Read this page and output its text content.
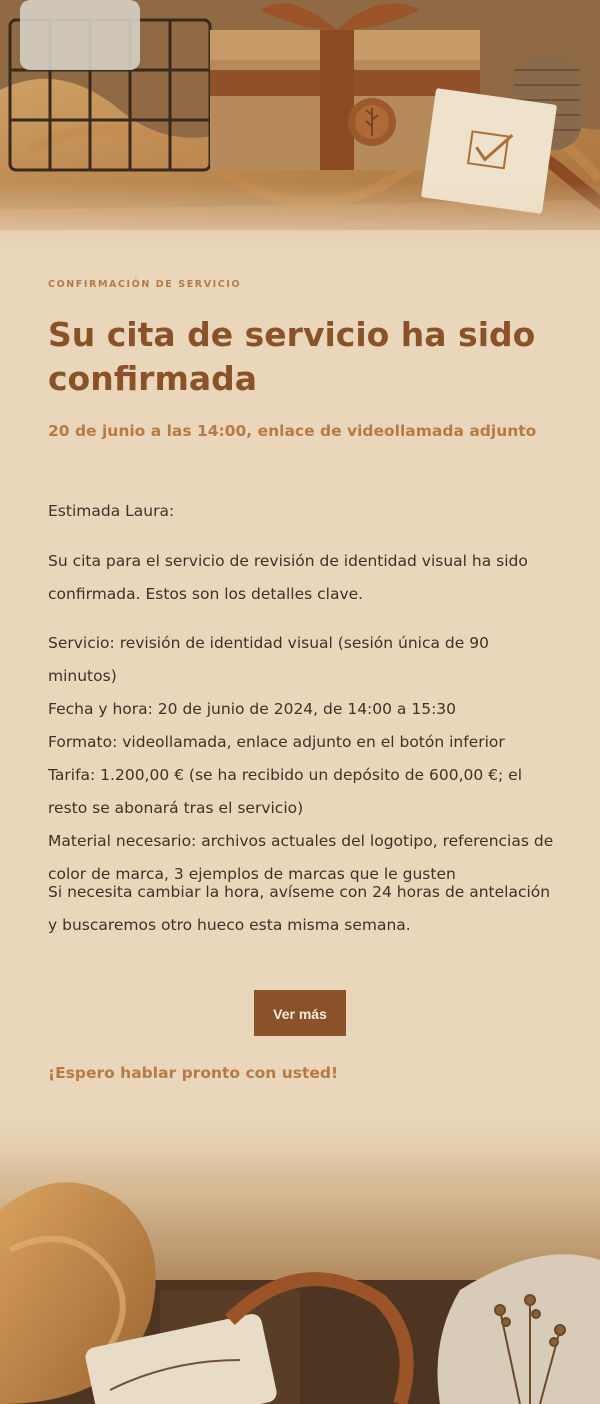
CONFIRMACIÓN DE SERVICIO
Su cita de servicio ha sido confirmada
20 de junio a las 14:00, enlace de videollamada adjunto
Estimada Laura:
Su cita para el servicio de revisión de identidad visual ha sido confirmada. Estos son los detalles clave.
Servicio: revisión de identidad visual (sesión única de 90 minutos)
Fecha y hora: 20 de junio de 2024, de 14:00 a 15:30
Formato: videollamada, enlace adjunto en el botón inferior
Tarifa: 1.200,00 € (se ha recibido un depósito de 600,00 €; el resto se abonará tras el servicio)
Material necesario: archivos actuales del logotipo, referencias de color de marca, 3 ejemplos de marcas que le gusten
Si necesita cambiar la hora, avíseme con 24 horas de antelación y buscaremos otro hueco esta misma semana.
Ver más
¡Espero hablar pronto con usted!
